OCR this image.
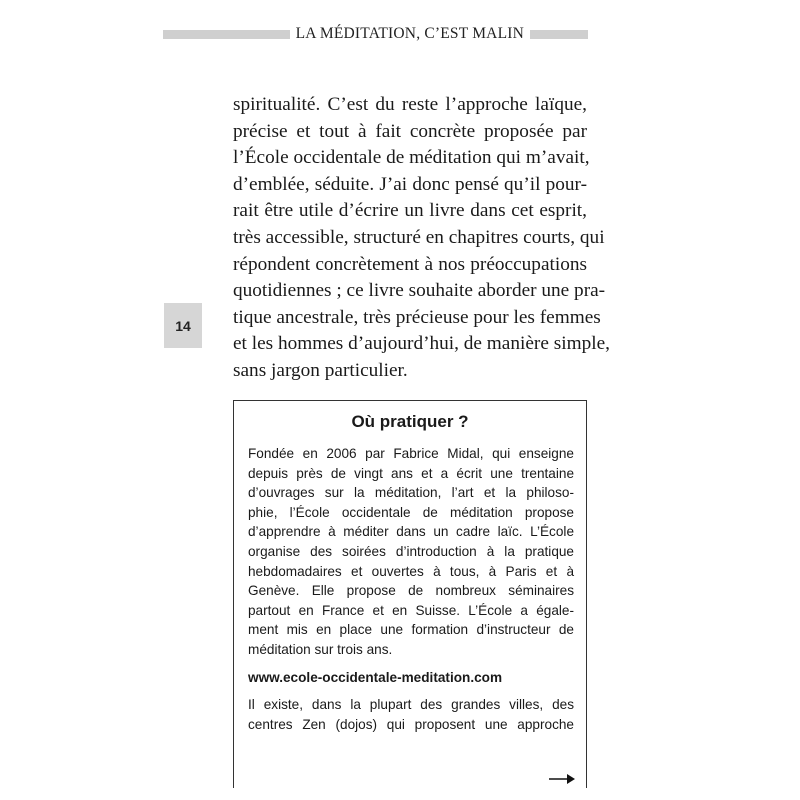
LA MÉDITATION, C’EST MALIN
14
spiritualité. C’est du reste l’approche laïque,
précise et tout à fait concrète proposée par
l’École occidentale de méditation qui m’avait,
d’emblée, séduite. J’ai donc pensé qu’il pour-
rait être utile d’écrire un livre dans cet esprit,
très accessible, structuré en chapitres courts, qui
répondent concrètement à nos préoccupations
quotidiennes ; ce livre souhaite aborder une pra-
tique ancestrale, très précieuse pour les femmes
et les hommes d’aujourd’hui, de manière simple,
sans jargon particulier.
Où pratiquer ?
Fondée en 2006 par Fabrice Midal, qui enseigne
depuis près de vingt ans et a écrit une trentaine
d’ouvrages sur la méditation, l’art et la philoso-
phie, l’École occidentale de méditation propose
d’apprendre à méditer dans un cadre laïc. L’École
organise des soirées d’introduction à la pratique
hebdomadaires et ouvertes à tous, à Paris et à
Genève. Elle propose de nombreux séminaires
partout en France et en Suisse. L’École a égale-
ment mis en place une formation d’instructeur de
méditation sur trois ans.
www.ecole-occidentale-meditation.com
Il existe, dans la plupart des grandes villes, des
centres Zen (dojos) qui proposent une approche
